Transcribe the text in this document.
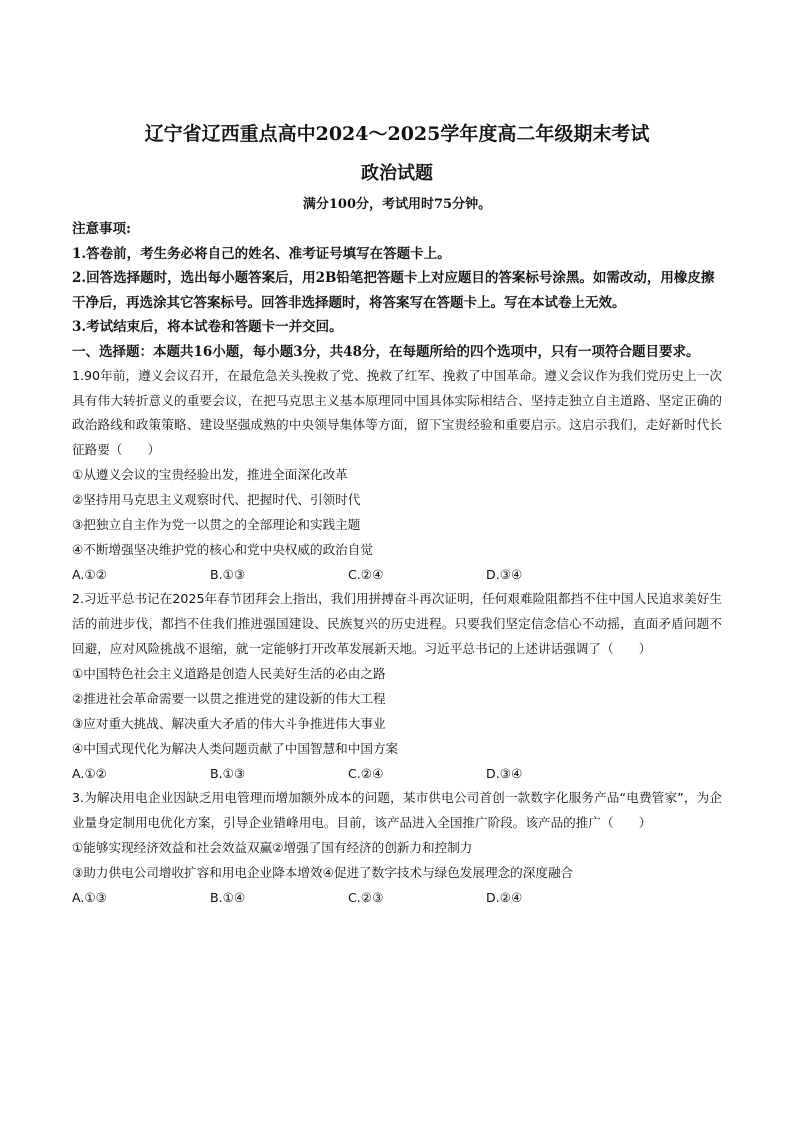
辽宁省辽西重点高中2024～2025学年度高二年级期末考试
政治试题
满分100分，考试用时75分钟。
注意事项:
1.答卷前，考生务必将自己的姓名、准考证号填写在答题卡上。
2.回答选择题时，选出每小题答案后，用2B铅笔把答题卡上对应题目的答案标号涂黑。如需改动，用橡皮擦干净后，再选涂其它答案标号。回答非选择题时，将答案写在答题卡上。写在本试卷上无效。
3.考试结束后，将本试卷和答题卡一并交回。
一、选择题：本题共16小题，每小题3分，共48分，在每题所给的四个选项中，只有一项符合题目要求。

1.90年前，遵义会议召开，在最危急关头挽救了党、挽救了红军、挽救了中国革命。遵义会议作为我们党历史上一次具有伟大转折意义的重要会议，在把马克思主义基本原理同中国具体实际相结合、坚持走独立自主道路、坚定正确的政治路线和政策策略、建设坚强成熟的中央领导集体等方面，留下宝贵经验和重要启示。这启示我们，走好新时代长征路要（　　）

①从遵义会议的宝贵经验出发，推进全面深化改革
②坚持用马克思主义观察时代、把握时代、引领时代
③把独立自主作为党一以贯之的全部理论和实践主题
④不断增强坚决维护党的核心和党中央权威的政治自觉
A.①②	B.①③	C.②④	D.③④

2.习近平总书记在2025年春节团拜会上指出，我们用拼搏奋斗再次证明，任何艰难险阻都挡不住中国人民追求美好生活的前进步伐，都挡不住我们推进强国建设、民族复兴的历史进程。只要我们坚定信念信心不动摇，直面矛盾问题不回避，应对风险挑战不退缩，就一定能够打开改革发展新天地。习近平总书记的上述讲话强调了（　　）

①中国特色社会主义道路是创造人民美好生活的必由之路
②推进社会革命需要一以贯之推进党的建设新的伟大工程
③应对重大挑战、解决重大矛盾的伟大斗争推进伟大事业
④中国式现代化为解决人类问题贡献了中国智慧和中国方案
A.①②	B.①③	C.②④	D.③④

3.为解决用电企业因缺乏用电管理而增加额外成本的问题，某市供电公司首创一款数字化服务产品“电费管家”，为企业量身定制用电优化方案，引导企业错峰用电。目前，该产品进入全国推广阶段。该产品的推广（　　）

①能够实现经济效益和社会效益双赢②增强了国有经济的创新力和控制力
③助力供电公司增收扩容和用电企业降本增效④促进了数字技术与绿色发展理念的深度融合
A.①③	B.①④	C.②③	D.②④
